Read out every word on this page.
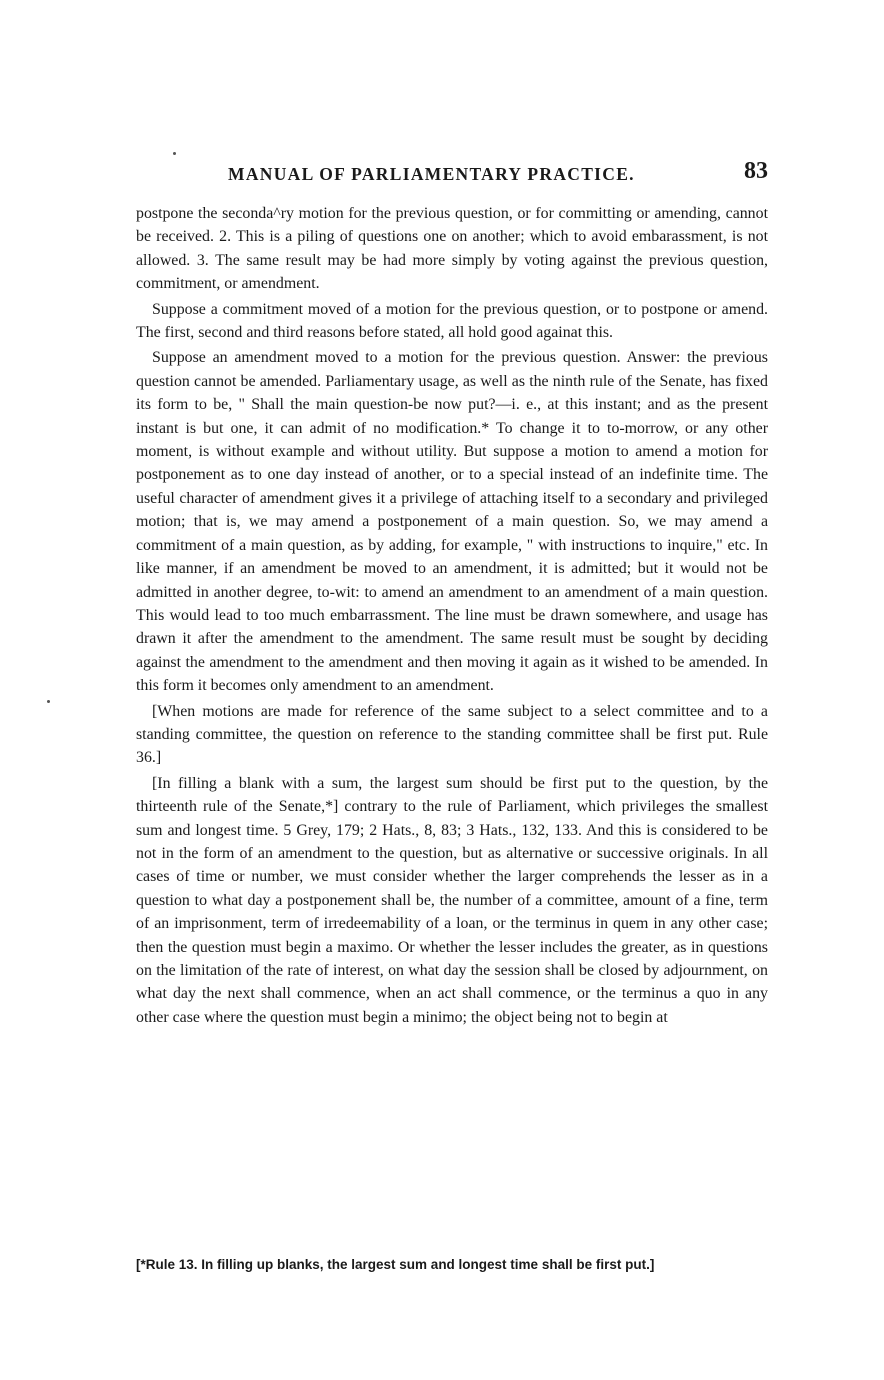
MANUAL OF PARLIAMENTARY PRACTICE.	83

postpone the seconda^ry motion for the previous question, or for committing or amending, cannot be received. 2. This is a piling of questions one on another; which to avoid embarassment, is not allowed. 3. The same result may be had more simply by voting against the previous question, commitment, or amendment.

Suppose a commitment moved of a motion for the previous question, or to postpone or amend. The first, second and third reasons before stated, all hold good againat this.

Suppose an amendment moved to a motion for the previous question. Answer: the previous question cannot be amended. Parliamentary usage, as well as the ninth rule of the Senate, has fixed its form to be, " Shall the main question-be now put?—i. e., at this instant; and as the present instant is but one, it can admit of no modification.* To change it to to-morrow, or any other moment, is without example and without utility. But suppose a motion to amend a motion for postponement as to one day instead of another, or to a special instead of an indefinite time. The useful character of amendment gives it a privilege of attaching itself to a secondary and privileged motion; that is, we may amend a postponement of a main question. So, we may amend a commitment of a main question, as by adding, for example, " with instructions to inquire," etc. In like manner, if an amendment be moved to an amendment, it is admitted; but it would not be admitted in another degree, to-wit: to amend an amendment to an amendment of a main question. This would lead to too much embarrassment. The line must be drawn somewhere, and usage has drawn it after the amendment to the amendment. The same result must be sought by deciding against the amendment to the amendment and then moving it again as it wished to be amended. In this form it becomes only amendment to an amendment.

[When motions are made for reference of the same subject to a select committee and to a standing committee, the question on reference to the standing committee shall be first put. Rule 36.]

[In filling a blank with a sum, the largest sum should be first put to the question, by the thirteenth rule of the Senate,*] contrary to the rule of Parliament, which privileges the smallest sum and longest time. 5 Grey, 179; 2 Hats., 8, 83; 3 Hats., 132, 133. And this is considered to be not in the form of an amendment to the question, but as alternative or successive originals. In all cases of time or number, we must consider whether the larger comprehends the lesser as in a question to what day a postponement shall be, the number of a committee, amount of a fine, term of an imprisonment, term of irredeemability of a loan, or the terminus in quem in any other case; then the question must begin a maximo. Or whether the lesser includes the greater, as in questions on the limitation of the rate of interest, on what day the session shall be closed by adjournment, on what day the next shall commence, when an act shall commence, or the terminus a quo in any other case where the question must begin a minimo; the object being not to begin at

[*Rule 13. In filling up blanks, the largest sum and longest time shall be first put.]
